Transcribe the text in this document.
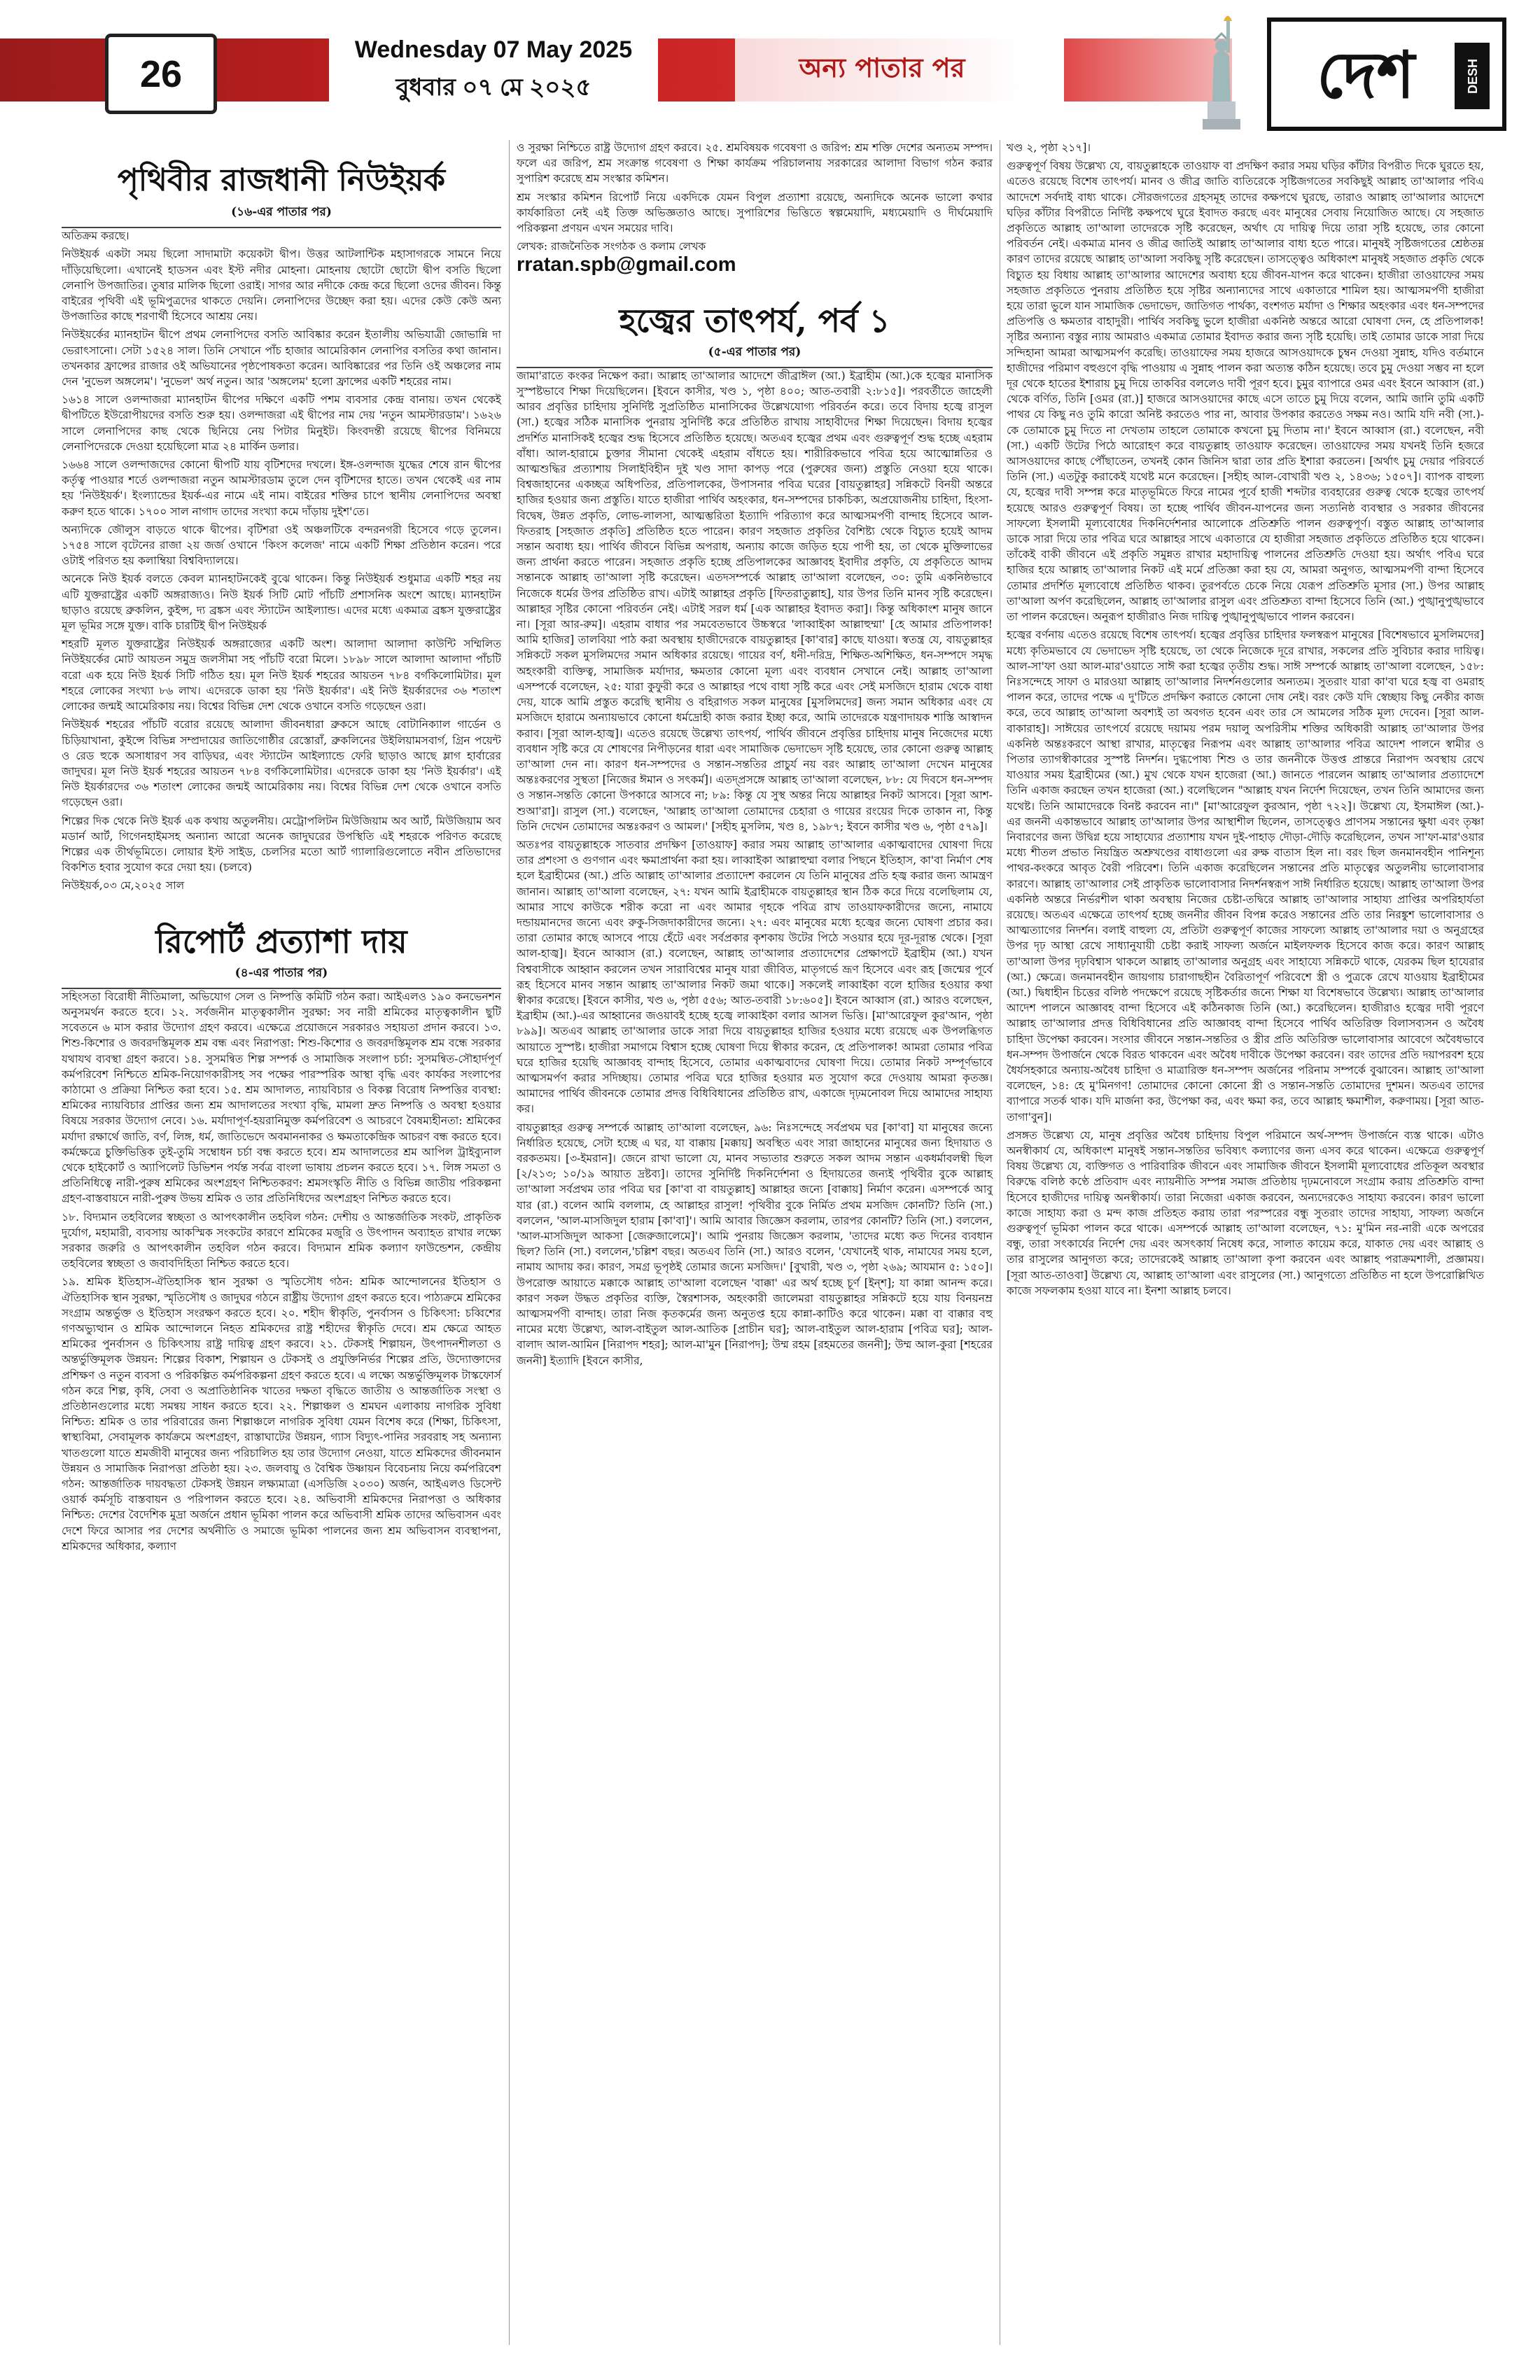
26
Wednesday 07 May 2025
বুধবার ০৭ মে ২০২৫
অন্য পাতার পর	দেশ	DESH
পৃথিবীর রাজধানী নিউইয়র্ক
(১৬-এর পাতার পর)

অতিক্রম করছে।

নিউইয়র্ক একটা সময় ছিলো সাদামাটা কয়েকটা দ্বীপ। উত্তর আটলান্টিক মহাসাগরকে সামনে নিয়ে দাঁড়িয়েছিলো। এখানেই হাডসন এবং ইস্ট নদীর মোহনা। মোহনায় ছোটো ছোটো দ্বীপ বসতি ছিলো লেনাপি উপজাতির। তুষার মালিক ছিলো ওরাই। সাগর আর নদীকে কেন্দ্র করে ছিলো ওদের জীবন। কিন্তু বাইরের পৃথিবী এই ভূমিপুত্রদের থাকতে দেয়নি। লেনাপিদের উচ্ছেদ করা হয়। এদের কেউ কেউ অন্য উপজাতির কাছে শরণার্থী হিসেবে আশ্রয় নেয়।

নিউইয়র্কের ম্যানহাটন দ্বীপে প্রথম লেনাপিদের বসতি আবিষ্কার করেন ইতালীয় অভিযাত্রী জোভান্নি দা ভেরাৎসানো। সেটা ১৫২৪ সাল। তিনি সেখানে পাঁচ হাজার আমেরিকান লেনাপির বসতির কথা জানান। তখনকার ফ্রান্সের রাজার ওই অভিযানের পৃষ্ঠপোষকতা করেন। আবিষ্কারের পর তিনি ওই অঞ্চলের নাম দেন 'নুভেল অঙ্গলেম'। 'নুভেল' অর্থ নতুন। আর 'অঙ্গলেম' হলো ফ্রান্সের একটি শহরের নাম।

১৬১৪ সালে ওলন্দাজরা ম্যানহাটন দ্বীপের দক্ষিণে একটি পশম ব্যবসার কেন্দ্র বানায়। তখন থেকেই দ্বীপটিতে ইউরোপীয়দের বসতি শুরু হয়। ওলন্দাজরা এই দ্বীপের নাম দেয় 'নতুন আমস্টারডাম'। ১৬২৬ সালে লেনাপিদের কাছ থেকে ছিনিয়ে নেয় পিটার মিনুইট। কিংবদন্তী রয়েছে দ্বীপের বিনিময়ে লেনাপিদেরকে দেওয়া হয়েছিলো মাত্র ২৪ মার্কিন ডলার।

১৬৬৪ সালে ওলন্দাজদের কোনো দ্বীপটি যায় বৃটিশদের দখলে। ইঙ্গ-ওলন্দাজ যুদ্ধের শেষে রান দ্বীপের কর্তৃত্ব পাওয়ার শর্তে ওলন্দাজরা নতুন আমস্টারডাম তুলে দেন বৃটিশদের হাতে। তখন থেকেই এর নাম হয় 'নিউইয়র্ক'। ইংল্যান্ডের ইয়র্ক-এর নামে এই নাম। বাইরের শক্তির চাপে স্থানীয় লেনাপিদের অবস্থা করুণ হতে থাকে। ১৭০০ সাল নাগাদ তাদের সংখ্যা কমে দাঁড়ায় দুইশ'তে।

অন্যদিকে জৌলুস বাড়তে থাকে দ্বীপের। বৃটিশরা ওই অঞ্চলটিকে বন্দরনগরী হিসেবে গড়ে তুলেন। ১৭৫৪ সালে বৃটেনের রাজা ২য় জর্জ ওখানে 'কিংস কলেজ' নামে একটি শিক্ষা প্রতিষ্ঠান করেন। পরে ওটাই পরিণত হয় কলাম্বিয়া বিশ্ববিদ্যালয়ে।

অনেকে নিউ ইয়র্ক বলতে কেবল ম্যানহাটনকেই বুঝে থাকেন। কিন্তু নিউইয়র্ক শুধুমাত্র একটি শহর নয় এটি যুক্তরাষ্ট্রের একটি অঙ্গরাজ্যও। নিউ ইয়র্ক সিটি মোট পাঁচটি প্রশাসনিক অংশে আছে। ম্যানহাটন ছাড়াও রয়েছে ব্রুকলিন, কুইন্স, দ্য ব্রঙ্কস এবং স্ট্যাটেন আইল্যান্ড। এদের মধ্যে একমাত্র ব্রঙ্কস যুক্তরাষ্ট্রের মূল ভূমির সঙ্গে যুক্ত। বাকি চারটিই দ্বীপ নিউইয়র্ক

শহরটি মূলত যুক্তরাষ্ট্রের নিউইয়র্ক অঙ্গরাজ্যের একটি অংশ। আলাদা আলাদা কাউন্টি সম্মিলিত নিউইয়র্কের মোট আয়তন সমুদ্র জলসীমা সহ পাঁচটি বরো মিলে। ১৮৯৮ সালে আলাদা আলাদা পাঁচটি বরো এক হয়ে নিউ ইয়র্ক সিটি গঠিত হয়। মূল নিউ ইয়র্ক শহরের আয়তন ৭৮৪ বর্গকিলোমিটার। মূল শহরে লোকের সংখ্যা ৮৬ লাখ। এদেরকে ডাকা হয় 'নিউ ইয়র্কার'। এই নিউ ইয়র্কারদের ৩৬ শতাংশ লোকের জন্মই আমেরিকায় নয়। বিশ্বের বিভিন্ন দেশ থেকে ওখানে বসতি গড়েছেন ওরা।

নিউইয়র্ক শহরের পাঁচটি বরোর রয়েছে আলাদা জীবনধারা ব্রুকসে আছে বোটানিক্যাল গার্ডেন ও চিড়িয়াখানা, কুইন্সে বিভিন্ন সম্প্রদায়ের জাতিগোষ্ঠীর রেস্তোরাঁ, ব্রুকলিনের উইলিয়ামসবার্গ, গ্রিন পয়েন্ট ও রেড হুকে অসাধারণ সব বাড়িঘর, এবং স্ট্যাটেন আইল্যান্ডে ফেরি ছাড়াও আছে ম্লাগ হার্বারের জাদুঘর। মূল নিউ ইয়র্ক শহরের আয়তন ৭৮৪ বর্গকিলোমিটার। এদেরকে ডাকা হয় 'নিউ ইয়র্কার'। এই নিউ ইয়র্কারদের ৩৬ শতাংশ লোকের জন্মই আমেরিকায় নয়। বিশ্বের বিভিন্ন দেশ থেকে ওখানে বসতি গড়েছেন ওরা।

শিল্পের দিক থেকে নিউ ইয়র্ক এক কথায় অতুলনীয়। মেট্রোপলিটন মিউজিয়াম অব আর্ট, মিউজিয়াম অব মডার্ন আর্ট, গিগেনহাইমসহ অন্যান্য আরো অনেক জাদুঘরের উপস্থিতি এই শহরকে পরিণত করেছে শিল্পের এক তীর্থভূমিতে। লোয়ার ইস্ট সাইড, চেলসির মতো আর্ট গ্যালারিগুলোতে নবীন প্রতিভাদের বিকশিত হবার সুযোগ করে দেয়া হয়। (চলবে)

নিউইয়র্ক,০৩ মে,২০২৫ সাল

রিপোর্ট প্রত্যাশা দায়
(৪-এর পাতার পর)

সহিংসতা বিরোধী নীতিমালা, অভিযোগ সেল ও নিষ্পত্তি কমিটি গঠন করা। আইএলও ১৯০ কনভেনশন অনুসমর্থন করতে হবে। ১২. সর্বজনীন মাতৃত্বকালীন সুরক্ষা: সব নারী শ্রমিকের মাতৃত্বকালীন ছুটি সবেতনে ৬ মাস করার উদ্যোগ গ্রহণ করবে। এক্ষেত্রে প্রয়োজনে সরকারও সহায়তা প্রদান করবে। ১৩. শিশু-কিশোর ও জবরদস্তিমূলক শ্রম বন্ধ এবং নিরাপত্তা: শিশু-কিশোর ও জবরদস্তিমূলক শ্রম বন্ধে সরকার যথাযথ ব্যবস্থা গ্রহণ করবে। ১৪. সুসমন্বিত শিল্প সম্পর্ক ও সামাজিক সংলাপ চর্চা: সুসমন্বিত-সৌহার্দপূর্ণ কর্মপরিবেশ নিশ্চিতে শ্রমিক-নিয়োগকারীসহ সব পক্ষের পারস্পরিক আস্থা বৃদ্ধি এবং কার্যকর সংলাপের কাঠামো ও প্রক্রিয়া নিশ্চিত করা হবে। ১৫. শ্রম আদালত, ন্যায়বিচার ও বিকল্প বিরোধ নিষ্পত্তির ব্যবস্থা: শ্রমিকের ন্যায়বিচার প্রাপ্তির জন্য শ্রম আদালতের সংখ্যা বৃদ্ধি, মামলা দ্রুত নিষ্পত্তি ও অবস্থা হওয়ার বিষয়ে সরকার উদ্যোগ নেবে। ১৬. মর্যাদাপূর্ণ-হয়রানিমুক্ত কর্মপরিবেশ ও আচরণে বৈষম্যহীনতা: শ্রমিকের মর্যাদা রক্ষার্থে জাতি, বর্ণ, লিঙ্গ, ধর্ম, জাতিভেদে অবমাননাকর ও ক্ষমতাকেন্দ্রিক আচরণ বন্ধ করতে হবে। কর্মক্ষেত্রে চুক্তিভিত্তিক তুই-তুমি সম্বোধন চর্চা বন্ধ করতে হবে। শ্রম আদালতের শ্রম আপিল ট্রাইব্যুনাল থেকে হাইকোর্ট ও অ্যাপিলেট ডিভিশন পর্যন্ত সর্বত্র বাংলা ভাষায় প্রচলন করতে হবে। ১৭. লিঙ্গ সমতা ও প্রতিনিধিত্বে নারী-পুরুষ শ্রমিকের অংশগ্রহণ নিশ্চিতকরণ: শ্রমসংস্কৃতি নীতি ও বিভিন্ন জাতীয় পরিকল্পনা গ্রহণ-বাস্তবায়নে নারী-পুরুষ উভয় শ্রমিক ও তার প্রতিনিধিদের অংশগ্রহণ নিশ্চিত করতে হবে।

১৮. বিদ্যমান তহবিলের স্বচ্ছতা ও আপৎকালীন তহবিল গঠন: দেশীয় ও আন্তর্জাতিক সংকট, প্রাকৃতিক দুর্যোগ, মহামারী, ব্যবসায় আকস্মিক সংকটের কারণে শ্রমিকের মজুরি ও উৎপাদন অব্যাহত রাখার লক্ষ্যে সরকার জরুরি ও আপৎকালীন তহবিল গঠন করবে। বিদ্যমান শ্রমিক কল্যাণ ফাউন্ডেশন, কেন্দ্রীয় তহবিলের স্বচ্ছতা ও জবাবদিহিতা নিশ্চিত করতে হবে।

১৯. শ্রমিক ইতিহাস-ঐতিহাসিক স্থান সুরক্ষা ও স্মৃতিসৌধ গঠন: শ্রমিক আন্দোলনের ইতিহাস ও ঐতিহাসিক স্থান সুরক্ষা, স্মৃতিসৌধ ও জাদুঘর গঠনে রাষ্ট্রীয় উদ্যোগ গ্রহণ করতে হবে। পাঠ্যক্রমে শ্রমিকের সংগ্রাম অন্তর্ভুক্ত ও ইতিহাস সংরক্ষণ করতে হবে। ২০. শহীদ স্বীকৃতি, পুনর্বাসন ও চিকিৎসা: চব্বিশের গণঅভ্যুত্থান ও শ্রমিক আন্দোলনে নিহত শ্রমিকদের রাষ্ট্র শহীদের স্বীকৃতি দেবে। শ্রম ক্ষেত্রে আহত শ্রমিকের পুনর্বাসন ও চিকিৎসায় রাষ্ট্র দায়িত্ব গ্রহণ করবে। ২১. টেকসই শিল্পায়ন, উৎপাদনশীলতা ও অন্তর্ভুক্তিমূলক উন্নয়ন: শিল্পের বিকাশ, শিল্পায়ন ও টেকসই ও প্রযুক্তিনির্ভর শিল্পের প্রতি, উদ্যোক্তাদের প্রশিক্ষণ ও নতুন ব্যবসা ও পরিকল্পিত কর্মপরিকল্পনা গ্রহণ করতে হবে। এ লক্ষ্যে অন্তর্ভুক্তিমূলক টাস্কফোর্স গঠন করে শিল্প, কৃষি, সেবা ও অপ্রাতিষ্ঠানিক খাতের দক্ষতা বৃদ্ধিতে জাতীয় ও আন্তর্জাতিক সংস্থা ও প্রতিষ্ঠানগুলোর মধ্যে সমন্বয় সাধন করতে হবে। ২২. শিল্পাঞ্চল ও শ্রমঘন এলাকায় নাগরিক সুবিধা নিশ্চিত: শ্রমিক ও তার পরিবারের জন্য শিল্পাঞ্চলে নাগরিক সুবিধা যেমন বিশেষ করে (শিক্ষা, চিকিৎসা, স্বাস্থ্যবিমা, সেবামূলক কার্যক্রমে অংশগ্রহণ, রাস্তাঘাটের উন্নয়ন, গ্যাস বিদ্যুৎ-পানির সরবরাহ সহ অন্যান্য খাতগুলো যাতে শ্রমজীবী মানুষের জন্য পরিচালিত হয় তার উদ্যোগ নেওয়া, যাতে শ্রমিকদের জীবনমান উন্নয়ন ও সামাজিক নিরাপত্তা প্রতিষ্ঠা হয়। ২৩. জলবায়ু ও বৈশ্বিক উষ্ণায়ন বিবেচনায় নিয়ে কর্মপরিবেশ গঠন: আন্তর্জাতিক দায়বদ্ধতা টেকসই উন্নয়ন লক্ষ্যমাত্রা (এসডিজি ২০৩০) অর্জন, আইএলও ডিসেন্ট ওয়ার্ক কর্মসূচি বাস্তবায়ন ও পরিপালন করতে হবে। ২৪. অভিবাসী শ্রমিকদের নিরাপত্তা ও অধিকার নিশ্চিত: দেশের বৈদেশিক মুদ্রা অর্জনে প্রধান ভূমিকা পালন করে অভিবাসী শ্রমিক তাদের অভিবাসন এবং দেশে ফিরে আসার পর দেশের অর্থনীতি ও সমাজে ভূমিকা পালনের জন্য শ্রম অভিবাসন ব্যবস্থাপনা, শ্রমিকদের অধিকার, কল্যাণ

ও সুরক্ষা নিশ্চিতে রাষ্ট্র উদ্যোগ গ্রহণ করবে। ২৫. শ্রমবিষয়ক গবেষণা ও জরিপ: শ্রম শক্তি দেশের অন্যতম সম্পদ। ফলে এর জরিপ, শ্রম সংক্রান্ত গবেষণা ও শিক্ষা কার্যক্রম পরিচালনায় সরকারের আলাদা বিভাগ গঠন করার সুপারিশ করেছে শ্রম সংস্কার কমিশন।

শ্রম সংস্কার কমিশন রিপোর্ট নিয়ে একদিকে যেমন বিপুল প্রত্যাশা রয়েছে, অন্যদিকে অনেক ভালো কথার কার্যকারিতা নেই এই তিক্ত অভিজ্ঞতাও আছে। সুপারিশের ভিত্তিতে স্বল্পমেয়াদি, মধ্যমেয়াদি ও দীর্ঘমেয়াদি পরিকল্পনা প্রণয়ন এখন সময়ের দাবি।

লেখক: রাজনৈতিক সংগঠক ও কলাম লেখক

rratan.spb@gmail.com
হজ্বের তাৎপর্য, পর্ব ১
(৫-এর পাতার পর)

জামা'রাতে কংকর নিক্ষেপ করা। আল্লাহ তা'আলার আদেশে জীব্রাঈল (আ.) ইব্রাহীম (আ.)কে হজ্বের মানাসিক সুস্পষ্টভাবে শিক্ষা দিয়েছিলেন। [ইবনে কাসীর, খণ্ড ১, পৃষ্ঠা ৪০০; আত-তবারী ২:৮১৫]। পরবর্তীতে জাহেলী আরব প্রবৃত্তির চাহিদায় সুনির্দিষ্ট সুপ্রতিষ্ঠিত মানাসিকের উল্লেখযোগ্য পরিবর্তন করে। তবে বিদায় হজ্বে রাসুল (সা.) হজ্বের সঠিক মানাসিক পুনরায় সুনির্দিষ্ট করে প্রতিষ্ঠিত রাখায় সাহাবীদের শিক্ষা দিয়েছেন। বিদায় হজ্বের প্রদর্শিত মানাসিকই হজ্বের শুদ্ধ হিসেবে প্রতিষ্ঠিত হয়েছে। অতএব হজ্বের প্রথম এবং গুরুত্বপূর্ণ শুদ্ধ হচ্ছে এহরাম বাঁধা। আল-হারামে চুক্তার সীমানা থেকেই এহরাম বাঁধতে হয়। শারীরিকভাবে পবিত্র হয়ে আত্মোন্নতির ও আত্মশুদ্ধির প্রত্যাশায় সিলাইবিহীন দুই খণ্ড সাদা কাপড় পরে (পুরুষের জন্য) প্রস্তুতি নেওয়া হয়ে থাকে। বিশ্বজাহানের একচ্ছত্র অধিপতির, প্রতিপালকের, উপাসনার পবিত্র ঘরের [বায়তুল্লাহর] সন্নিকটে বিনয়ী অন্তরে হাজির হওয়ার জন্য প্রস্তুতি। যাতে হাজীরা পার্থিব অহংকার, ধন-সম্পদের চাকচিক্য, অপ্রয়োজনীয় চাহিদা, হিংসা-বিদ্বেষ, উন্নত প্রকৃতি, লোভ-লালসা, আত্মম্ভরিতা ইত্যাদি পরিত্যাগ করে আত্মসমর্পণী বান্দাহ হিসেবে আল-ফিতরাহ [সহজাত প্রকৃতি] প্রতিষ্ঠিত হতে পারেন। কারণ সহজাত প্রকৃতির বৈশিষ্ট্য থেকে বিচ্যুত হয়েই আদম সন্তান অবাধ্য হয়। পার্থিব জীবনে বিভিন্ন অপরাধ, অন্যায় কাজে জড়িত হয়ে পাপী হয়, তা থেকে মুক্তিলাভের জন্য প্রার্থনা করতে পারেন। সহজাত প্রকৃতি হচ্ছে প্রতিপালকের আজ্ঞাবহ ইবাদীর প্রকৃতি, যে প্রকৃতিতে আদম সন্তানকে আল্লাহ তা'আলা সৃষ্টি করেছেন। এতদসম্পর্কে আল্লাহ তা'আলা বলেছেন, ৩০: তুমি একনিষ্ঠভাবে নিজেকে ধর্মের উপর প্রতিষ্ঠিত রাখ। এটাই আল্লাহর প্রকৃতি [ফিতরাতুল্লাহ], যার উপর তিনি মানব সৃষ্টি করেছেন। আল্লাহর সৃষ্টির কোনো পরিবর্তন নেই। এটাই সরল ধর্ম [এক আল্লাহর ইবাদত করা]। কিন্তু অধিকাংশ মানুষ জানে না। [সূরা আর-রুম]। এহরাম বাধার পর সমবেতভাবে উচ্চস্বরে 'লাব্বাইকা আল্লাহুম্মা' [হে আমার প্রতিপালক! আমি হাজির] তালবিয়া পাঠ করা অবস্থায় হাজীদেরকে বায়তুল্লাহর [কা'বার] কাছে যাওয়া। স্বতন্ত্র যে, বায়তুল্লাহর সন্নিকটে সকল মুসলিমদের সমান অধিকার রয়েছে। গায়ের বর্ণ, ধনী-দরিদ্র, শিক্ষিত-অশিক্ষিত, ধন-সম্পদে সমৃদ্ধ অহংকারী ব্যক্তিত্ব, সামাজিক মর্যাদার, ক্ষমতার কোনো মূল্য এবং ব্যবধান সেখানে নেই। আল্লাহ তা'আলা এসম্পর্কে বলেছেন, ২৫: যারা কুফুরী করে ও আল্লাহর পথে বাধা সৃষ্টি করে এবং সেই মসজিদে হারাম থেকে বাধা দেয়, যাকে আমি প্রস্তুত করেছি স্থানীয় ও বহিরাগত সকল মানুষের [মুসলিমদের] জন্য সমান অধিকার এবং যে মসজিদে হারামে অন্যায়ভাবে কোনো ধর্মদ্রোহী কাজ করার ইচ্ছা করে, আমি তাদেরকে যন্ত্রণাদায়ক শাস্তি আস্বাদন করাব। [সূরা আল-হাজ্ব]। এতেও রয়েছে উল্লেখ্য তাৎপর্য, পার্থিব জীবনে প্রবৃত্তির চাহিদায় মানুষ নিজেদের মধ্যে ব্যবধান সৃষ্টি করে যে শোষণের নিপীড়নের ধারা এবং সামাজিক ভেদাভেদ সৃষ্টি হয়েছে, তার কোনো গুরুত্ব আল্লাহ তা'আলা দেন না। কারণ ধন-সম্পদের ও সন্তান-সন্ততির প্রাচুর্য নয় বরং আল্লাহ তা'আলা দেখেন মানুষের অন্তঃকরণের সুস্থতা [নিজের ঈমান ও সৎকর্ম]। এতদ্প্রসঙ্গে আল্লাহ তা'আলা বলেছেন, ৮৮: যে দিবসে ধন-সম্পদ ও সন্তান-সন্ততি কোনো উপকারে আসবে না; ৮৯: কিন্তু যে সুস্থ অন্তর নিয়ে আল্লাহর নিকট আসবে। [সূরা আশ-শুআ'রা]। রাসুল (সা.) বলেছেন, 'আল্লাহ তা'আলা তোমাদের চেহারা ও গায়ের রংয়ের দিকে তাকান না, কিন্তু তিনি দেখেন তোমাদের অন্তঃকরণ ও আমল।' [সহীহ মুসলিম, খণ্ড ৪, ১৯৮৭; ইবনে কাসীর খণ্ড ৬, পৃষ্ঠা ৫৭৯]।

অতঃপর বায়তুল্লাহকে সাতবার প্রদক্ষিণ [তাওয়াফ] করার সময় আল্লাহ তা'আলার একাত্মবাদের ঘোষণা দিয়ে তার প্রশংসা ও গুণগান এবং ক্ষমাপ্রার্থনা করা হয়। লাব্বাইকা আল্লাহুম্মা বলার পিছনে ইতিহাস, কা'বা নির্মাণ শেষ হলে ইব্রাহীমের (আ.) প্রতি আল্লাহ তা'আলার প্রত্যাদেশ করলেন যে তিনি মানুষের প্রতি হজ্ব করার জন্য আমন্ত্রণ জানান। আল্লাহ তা'আলা বলেছেন, ২৭: যখন আমি ইব্রাহীমকে বায়তুল্লাহর স্থান ঠিক করে দিয়ে বলেছিলাম যে, আমার সাথে কাউকে শরীক করো না এবং আমার গৃহকে পবিত্র রাখ তাওয়াফকারীদের জন্যে, নামাযে দন্ডায়মানদের জন্যে এবং রুকু-সিজদাকারীদের জন্যে। ২৭: এবং মানুষের মধ্যে হজ্বের জন্যে ঘোষণা প্রচার কর। তারা তোমার কাছে আসবে পায়ে হেঁটে এবং সর্বপ্রকার কৃশকায় উটের পিঠে সওয়ার হয়ে দূর-দূরান্ত থেকে। [সূরা আল-হাজ্ব]। ইবনে আব্বাস (রা.) বলেছেন, আল্লাহ তা'আলার প্রত্যাদেশের প্রেক্ষাপটে ইব্রাহীম (আ.) যখন বিশ্ববাসীকে আহ্বান করলেন তখন সারাবিশ্বের মানুষ যারা জীবিত, মাতৃগর্ভে ভ্রূণ হিসেবে এবং রূহ [জন্মের পূর্বে রূহ হিসেবে মানব সন্তান আল্লাহ তা'আলার নিকট জমা থাকে।] সকলেই লাব্বাইকা বলে হাজির হওয়ার কথা স্বীকার করেছে। [ইবনে কাসীর, খণ্ড ৬, পৃষ্ঠা ৫৫৬; আত-তবারী ১৮:৬০৫]। ইবনে আব্বাস (রা.) আরও বলেছেন, ইব্রাহীম (আ.)-এর আহ্বানের জওয়াবই হচ্ছে হজ্বে লাব্বাইকা বলার আসল ভিত্তি। [মা'আরেফুল কুর'আন, পৃষ্ঠা ৮৯৯]। অতএব আল্লাহ তা'আলার ডাকে সারা দিয়ে বায়তুল্লাহর হাজির হওয়ার মধ্যে রয়েছে এক উপলব্ধিগত আয়াতে সুস্পষ্ট। হাজীরা সমাগমে বিশ্বাস হচ্ছে ঘোষণা দিয়ে স্বীকার করেন, হে প্রতিপালক! আমরা তোমার পবিত্র ঘরে হাজির হয়েছি আজ্ঞাবহ বান্দাহ হিসেবে, তোমার একাত্মবাদের ঘোষণা দিয়ে। তোমার নিকট সম্পূর্ণভাবে আত্মসমর্পণ করার সদিচ্ছায়। তোমার পবিত্র ঘরে হাজির হওয়ার মত সুযোগ করে দেওয়ায় আমরা কৃতজ্ঞ। আমাদের পার্থিব জীবনকে তোমার প্রদত্ত বিধিবিধানের প্রতিষ্ঠিত রাখ, একাজে দৃঢ়মনোবল দিয়ে আমাদের সাহায্য কর।

বায়তুল্লাহর গুরুত্ব সম্পর্কে আল্লাহ তা'আলা বলেছেন, ৯৬: নিঃসন্দেহে সর্বপ্রথম ঘর [কা'বা] যা মানুষের জন্যে নির্ধারিত হয়েছে, সেটা হচ্ছে এ ঘর, যা বাক্কায় [মক্কায়] অবস্থিত এবং সারা জাহানের মানুষের জন্য হিদায়াত ও বরকতময়। [৩-ইমরান]। জেনে রাখা ভালো যে, মানব সভ্যতার শুরুতে সকল আদম সন্তান একধর্মাবলম্বী ছিল [২/২১৩; ১০/১৯ আয়াত দ্রষ্টব্য]। তাদের সুনির্দিষ্ট দিকনির্দেশনা ও হিদায়তের জন্যই পৃথিবীর বুকে আল্লাহ তা'আলা সর্বপ্রথম তার পবিত্র ঘর [কা'বা বা বায়তুল্লাহ] আল্লাহর জন্যে [বাক্কায়] নির্মাণ করেন। এসম্পর্কে আবু যার (রা.) বলেন আমি বললাম, হে আল্লাহর রাসুল! পৃথিবীর বুকে নির্মিত প্রথম মসজিদ কোনটি? তিনি (সা.) বললেন, 'আল-মাসজিদুল হারাম [কা'বা]'। আমি আবার জিজ্ঞেস করলাম, তারপর কোনটি? তিনি (সা.) বললেন, 'আল-মাসজিদুল আকসা [জেরুজালেমে]'। আমি পুনরায় জিজ্ঞেস করলাম, 'তাদের মধ্যে কত দিনের ব্যবধান ছিল? তিনি (সা.) বললেন,'চল্লিশ বছর। অতএব তিনি (সা.) আরও বলেন, 'যেখানেই থাক, নামাযের সময় হলে, নামায আদায় কর। কারণ, সমগ্র ভূপৃষ্ঠই তোমার জন্যে মসজিদ।' [বুখারী, খণ্ড ৩, পৃষ্ঠা ২৬৯; আযমান ৫: ১৫০]। উপরোক্ত আয়াতে মক্কাকে আল্লাহ তা'আলা বলেছেন 'বাক্কা' এর অর্থ হচ্ছে চূর্ণ [ইন্শ]; যা কান্না আনন্দ করে। কারণ সকল উদ্ধত প্রকৃতির ব্যক্তি, স্বৈরশাসক, অহংকারী জালেমরা বায়তুল্লাহর সন্নিকটে হয়ে যায় বিনয়নম্র আত্মসমর্পণী বান্দাহ। তারা নিজ কৃতকর্মের জন্য অনুতপ্ত হয়ে কান্না-কাটিও করে থাকেন। মক্কা বা বাক্কার বহু নামের মধ্যে উল্লেখ্য, আল-বাইতুল আল-আতিক [প্রাচীন ঘর]; আল-বাইতুল আল-হারাম [পবিত্র ঘর]; আল-বালাদ আল-আমিন [নিরাপদ শহর]; আল-মা'মুন [নিরাপদ]; উম্ম রহম [রহমতের জননী]; উম্ম আল-কুরা [শহরের জননী] ইত্যাদি [ইবনে কাসীর,

খণ্ড ২, পৃষ্ঠা ২১৭]।

গুরুত্বপূর্ণ বিষয় উল্লেখ্য যে, বায়তুল্লাহকে তাওয়াফ বা প্রদক্ষিণ করার সময় ঘড়ির কাঁটার বিপরীত দিকে ঘুরতে হয়, এতেও রয়েছে বিশেষ তাৎপর্য। মানব ও জীব্র জাতি ব্যতিরেকে সৃষ্টিজগতের সবকিছুই আল্লাহ তা'আলার পবিএ আদেশে সর্বদাই বাধ্য থাকে। সৌরজগতের গ্রহসমূহ তাদের কক্ষপথে ঘুরছে, তারাও আল্লাহ তা'আলার আদেশে ঘড়ির কাঁটার বিপরীতে নির্দিষ্ট কক্ষপথে ঘুরে ইবাদত করছে এবং মানুষের সেবায় নিয়োজিত আছে। যে সহজাত প্রকৃতিতে আল্লাহ তা'আলা তাদেরকে সৃষ্টি করেছেন, অর্থাৎ যে দায়িত্ব দিয়ে তারা সৃষ্টি হয়েছে, তার কোনো পরিবর্তন নেই। একমাত্র মানব ও জীব্র জাতিই আল্লাহ তা'আলার বাধ্য হতে পারে। মানুষই সৃষ্টিজগতের শ্রেষ্ঠতম্ন কারণ তাদের রয়েছে আল্লাহ তা'আলা সবকিছু সৃষ্টি করেছেন। তাসত্ত্বেও অধিকাংশ মানুষই সহজাত প্রকৃতি থেকে বিচ্যুত হয় বিধায় আল্লাহ তা'আলার আদেশের অবাধ্য হয়ে জীবন-যাপন করে থাকেন। হাজীরা তাওয়াফের সময় সহজাত প্রকৃতিতে পুনরায় প্রতিষ্ঠিত হয়ে সৃষ্টির অন্যান্যদের সাথে একাতারে শামিল হয়। আত্মসমর্পণী হাজীরা হয়ে তারা ভুলে যান সামাজিক ভেদাভেদ, জাতিগত পার্থক্য, বংশগত মর্যাদা ও শিক্ষার অহংকার এবং ধন-সম্পদের প্রতিপত্তি ও ক্ষমতার বাহাদুরী। পার্থিব সবকিছু ভুলে হাজীরা একনিষ্ঠ অন্তরে আরো ঘোষণা দেন, হে প্রতিপালক! সৃষ্টির অন্যান্য বস্তুর ন্যায় আমরাও একমাত্র তোমার ইবাদত করার জন্য সৃষ্টি হয়েছি। তাই তোমার ডাকে সারা দিয়ে সন্দিহানা আমরা আত্মসমর্পণ করেছি। তাওয়াফের সময় হাজরে আসওয়াদকে চুম্বন দেওয়া সুন্নাহ, যদিও বর্তমানে হাজীদের পরিমাণ বহুগুণে বৃদ্ধি পাওয়ায় এ সুন্নাহ পালন করা অত্যন্ত কঠিন হয়েছে। তবে চুমু দেওয়া সম্ভব না হলে দূর থেকে হাতের ইশারায় চুমু দিয়ে তাকবির বললেও দাবী পূরণ হবে। চুমুর ব্যাপারে ওমর এবং ইবনে আব্বাস (রা.) থেকে বর্ণিত, তিনি [ওমর (রা.)] হাজরে আসওয়াদের কাছে এসে তাতে চুমু দিয়ে বলেন, আমি জানি তুমি একটি পাথর যে কিছু নও তুমি কারো অনিষ্ট করতেও পার না, আবার উপকার করতেও সক্ষম নও। আমি যদি নবী (সা.)-কে তোমাকে চুমু দিতে না দেখতাম তাহলে তোমাকে কখনো চুমু দিতাম না।' ইবনে আব্বাস (রা.) বলেছেন, নবী (সা.) একটি উটের পিঠে আরোহণ করে বায়তুল্লাহ তাওয়াফ করেছেন। তাওয়াফের সময় যখনই তিনি হজরে আসওয়াদের কাছে পৌঁছাতেন, তখনই কোন জিনিস দ্বারা তার প্রতি ইশারা করতেন। [অর্থাৎ চুমু দেয়ার পরিবর্তে তিনি (সা.) এতটুকু করাকেই যথেষ্ট মনে করেছেন। [সহীহ আল-বোখারী খণ্ড ২, ১৪৩৬; ১৫০৭]। ব্যাপক বাহুল্য যে, হজ্বের দাবী সম্পন্ন করে মাতৃভূমিতে ফিরে নামের পূর্বে হাজী শব্দটার ব্যবহারের গুরুত্ব থেকে হজ্বের তাৎপর্য হয়েছে আরও গুরুত্বপূর্ণ বিষয়। তা হচ্ছে পার্থিব জীবন-যাপনের জন্য সত্যনিষ্ঠ ব্যবস্থার ও সরকার জীবনের সাফল্যে ইসলামী মূল্যবোধের দিকনির্দেশনার আলোকে প্রতিশ্রুতি পালন গুরুত্বপূর্ণ। বস্তুত আল্লাহ তা'আলার ডাকে সারা দিয়ে তার পবিত্র ঘরে আল্লাহর সাথে একাতারে যে হাজীরা সহজাত প্রকৃতিতে প্রতিষ্ঠিত হয়ে থাকেন। তাঁকেই বাকী জীবনে এই প্রকৃতি সমুন্নত রাখার মহাদায়িত্ব পালনের প্রতিশ্রুতি দেওয়া হয়। অর্থাৎ পবিএ ঘরে হাজির হয়ে আল্লাহ তা'আলার নিকট এই মর্মে প্রতিজ্ঞা করা হয় যে, আমরা অনুগত, আত্মসমর্পণী বান্দা হিসেবে তোমার প্রদর্শিত মূল্যবোধে প্রতিষ্ঠিত থাকব। তুরপর্বতে চেকে নিয়ে যেরূপ প্রতিশ্রুতি মূসার (সা.) উপর আল্লাহ তা'আলা অর্পণ করেছিলেন, আল্লাহ তা'আলার রাসুল এবং প্রতিশ্রুত্য বান্দা হিসেবে তিনি (আ.) পুঙ্খানুপুঙ্খভাবে তা পালন করেছেন। অনুরূপ হাজীরাও নিজ দায়িত্ব পুঙ্খানুপুঙ্খভাবে পালন করবেন।

হজ্বের বর্ণনায় এতেও রয়েছে বিশেষ তাৎপর্য। হজ্বের প্রবৃত্তির চাহিদার ফলস্বরূপ মানুষের [বিশেষভাবে মুসলিমদের] মধ্যে কৃতিমভাবে যে ভেদাভেদ সৃষ্টি হয়েছে, তা থেকে নিজেকে দূরে রাখার, সকলের প্রতি সুবিচার করার দায়িত্ব। আল-সা'ফা ওয়া আল-মার'ওয়াতে সাঈ করা হজ্বের তৃতীয় শুদ্ধ। সাঈ সম্পর্কে আল্লাহ তা'আলা বলেছেন, ১৫৮: নিঃসন্দেহে সাফা ও মারওয়া আল্লাহ তা'আলার নিদর্শনগুলোর অন্যতম। সুতরাং যারা কা'বা ঘরে হজ্ব বা ওমরাহ পালন করে, তাদের পক্ষে এ দু'টিতে প্রদক্ষিণ করাতে কোনো দোষ নেই। বরং কেউ যদি স্বেচ্ছায় কিছু নেকীর কাজ করে, তবে আল্লাহ তা'আলা অবশ্যই তা অবগত হবেন এবং তার সে আমলের সঠিক মূল্য দেবেন। [সূরা আল-বাকারাহ]। সাঈয়ের তাৎপর্যে রয়েছে দয়াময় পরম দয়ালু অপরিসীম শক্তির অধিকারী আল্লাহ তা'আলার উপর একনিষ্ঠ অন্তঃকরণে আস্থা রাখার, মাতৃত্বের নিরূপম এবং আল্লাহ তা'আলার পবিত্র আদেশ পালনে স্বামীর ও পিতার ত্যাগস্বীকারের সুস্পষ্ট নিদর্শন। দুগ্ধপোষ্য শিশু ও তার জননীকে উত্তপ্ত প্রান্তরে নিরাপদ অবস্থায় রেখে যাওয়ার সময় ইব্রাহীমের (আ.) মুখ থেকে যখন হাজেরা (আ.) জানতে পারলেন আল্লাহ তা'আলার প্রত্যাদেশে তিনি একাজ করছেন তখন হাজেরা (আ.) বলেছিলেন "আল্লাহ যখন নির্দেশ দিয়েছেন, তখন তিনি আমাদের জন্য যথেষ্ট। তিনি আমাদেরকে বিনষ্ট করবেন না।" [মা'আরেফুল কুরআন, পৃষ্ঠা ৭২২]। উল্লেখ্য যে, ইসমাঈল (আ.)-এর জননী একান্তভাবে আল্লাহ তা'আলার উপর আস্থাশীল ছিলেন, তাসত্ত্বেও প্রাণসম সন্তানের ক্ষুধা এবং তৃষ্ণা নিবারণের জন্য উদ্বিগ্ন হয়ে সাহায্যের প্রত্যাশায় যখন দুই-পাহাড় দৌড়া-দৌড়ি করেছিলেন, তখন সা'ফা-মার'ওয়ার মধ্যে শীতল প্রভাত নিয়ন্ত্রিত অশ্রুখণ্ডের বাধাগুলো এর রুক্ষ বাতাস হিল না। বরং ছিল জনমানবহীন পানিশূন্য পাথর-কংকরে আবৃত বৈরী পরিবেশ। তিনি একাজ করেছিলেন সন্তানের প্রতি মাতৃত্বের অতুলনীয় ভালোবাসার কারণে। আল্লাহ তা'আলার সেই প্রাকৃতিক ভালোবাসার নিদর্শনস্বরূপ সাঈ নির্ধারিত হয়েছে। আল্লাহ তা'আলা উপর একনিষ্ঠ অন্তরে নির্ভরশীল থাকা অবস্থায় নিজের চেষ্টা-তদ্বিরে আল্লাহ তা'আলার সাহায্য প্রাপ্তির অপরিহার্যতা রয়েছে। অতএব এক্ষেত্রে তাৎপর্য হচ্ছে জননীর জীবন বিপন্ন করেও সন্তানের প্রতি তার নিরঙ্কুশ ভালোবাসার ও আত্মত্যাগের নিদর্শন। বলাই বাহুল্য যে, প্রতিটা গুরুত্বপূর্ণ কাজের সাফল্যে আল্লাহ তা'আলার দয়া ও অনুগ্রহের উপর দৃঢ় আস্থা রেখে সাধ্যানুযায়ী চেষ্টা করাই সাফল্য অর্জনে মাইলফলক হিসেবে কাজ করে। কারণ আল্লাহ তা'আলা উপর দৃঢ়বিশ্বাস থাকলে আল্লাহ তা'আলার অনুগ্রহ এবং সাহায্যে সন্নিকটে থাকে, যেরকম ছিল হাযেরার (আ.) ক্ষেত্রে। জনমানবহীন জায়গায় চারাগাছহীন বৈরিতাপূর্ণ পরিবেশে স্ত্রী ও পুত্রকে রেখে যাওয়ায় ইব্রাহীমের (আ.) দ্বিধাহীন চিত্তের বলিষ্ঠ পদক্ষেপে রয়েছে সৃষ্টিকর্তার জন্যে শিক্ষা যা বিশেষভাবে উল্লেখ্য। আল্লাহ তা'আলার আদেশ পালনে আজ্ঞাবহ বান্দা হিসেবে এই কঠিনকাজ তিনি (আ.) করেছিলেন। হাজীরাও হজ্বের দাবী পূরণে আল্লাহ তা'আলার প্রদত্ত বিধিবিধানের প্রতি আজ্ঞাবহ বান্দা হিসেবে পার্থিব অতিরিক্ত বিলাসব্যসন ও অবৈধ চাহিদা উপেক্ষা করবেন। সংসার জীবনে সন্তান-সন্ততির ও স্ত্রীর প্রতি অতিরিক্ত ভালোবাসার আবেগে অবৈধভাবে ধন-সম্পদ উপার্জনে থেকে বিরত থাকবেন এবং অবৈধ দাবীকে উপেক্ষা করবেন। বরং তাদের প্রতি দয়াপরবশ হয়ে ধৈর্যসহকারে অন্যায়-অবৈধ চাহিদা ও মাত্রারিক্ত ধন-সম্পদ অর্জনের পরিনাম সম্পর্কে বুঝাবেন। আল্লাহ তা'আলা বলেছেন, ১৪: হে মু'মিনগণ! তোমাদের কোনো কোনো স্ত্রী ও সন্তান-সন্ততি তোমাদের দুশমন। অতএব তাদের ব্যাপারে সতর্ক থাক। যদি মার্জনা কর, উপেক্ষা কর, এবং ক্ষমা কর, তবে আল্লাহ ক্ষমাশীল, করুণাময়। [সূরা আত-তাগা'বুন]।

প্রসঙ্গত উল্লেখ্য যে, মানুষ প্রবৃত্তির অবৈধ চাহিদায় বিপুল পরিমানে অর্থ-সম্পদ উপার্জনে ব্যস্ত থাকে। এটাও অনস্বীকার্য যে, অধিকাংশ মানুষই সন্তান-সন্ততির ভবিষ্যৎ কল্যাণের জন্য এসব করে থাকেন। এক্ষেত্রে গুরুত্বপূর্ণ বিষয় উল্লেখ্য যে, ব্যক্তিগত ও পারিবারিক জীবনে এবং সামাজিক জীবনে ইসলামী মূল্যবোধের প্রতিকূল অবস্থার বিরুদ্ধে বলিষ্ঠ কণ্ঠে প্রতিবাদ এবং ন্যায়নীতি সম্পন্ন সমাজ প্রতিষ্ঠায় দৃঢ়মনোবলে সংগ্রাম করায় প্রতিশ্রুতি বান্দা হিসেবে হাজীদের দায়িত্ব অনস্বীকার্য। তারা নিজেরা একাজ করবেন, অন্যদেরকেও সাহায্য করবেন। কারণ ভালো কাজে সাহায্য করা ও মন্দ কাজ প্রতিহত করায় তারা পরস্পরের বন্ধু সুতরাং তাদের সাহায্য, সাফল্য অর্জনে গুরুত্বপূর্ণ ভূমিকা পালন করে থাকে। এসম্পর্কে আল্লাহ তা'আলা বলেছেন, ৭১: মু'মিন নর-নারী একে অপরের বন্ধু, তারা সৎকার্যের নির্দেশ দেয় এবং অসৎকার্য নিষেধ করে, সালাত কায়েম করে, যাকাত দেয় এবং আল্লাহ ও তার রাসুলের আনুগত্য করে; তাদেরকেই আল্লাহ তা'আলা কৃপা করবেন এবং আল্লাহ পরাক্রমশালী, প্রজ্ঞাময়। [সূরা আত-তাওবা] উল্লেখ্য যে, আল্লাহ তা'আলা এবং রাসুলের (সা.) আনুগত্যে প্রতিষ্ঠিত না হলে উপরোল্লিখিত কাজে সফলকাম হওয়া যাবে না। ইনশা আল্লাহ চলবে।
